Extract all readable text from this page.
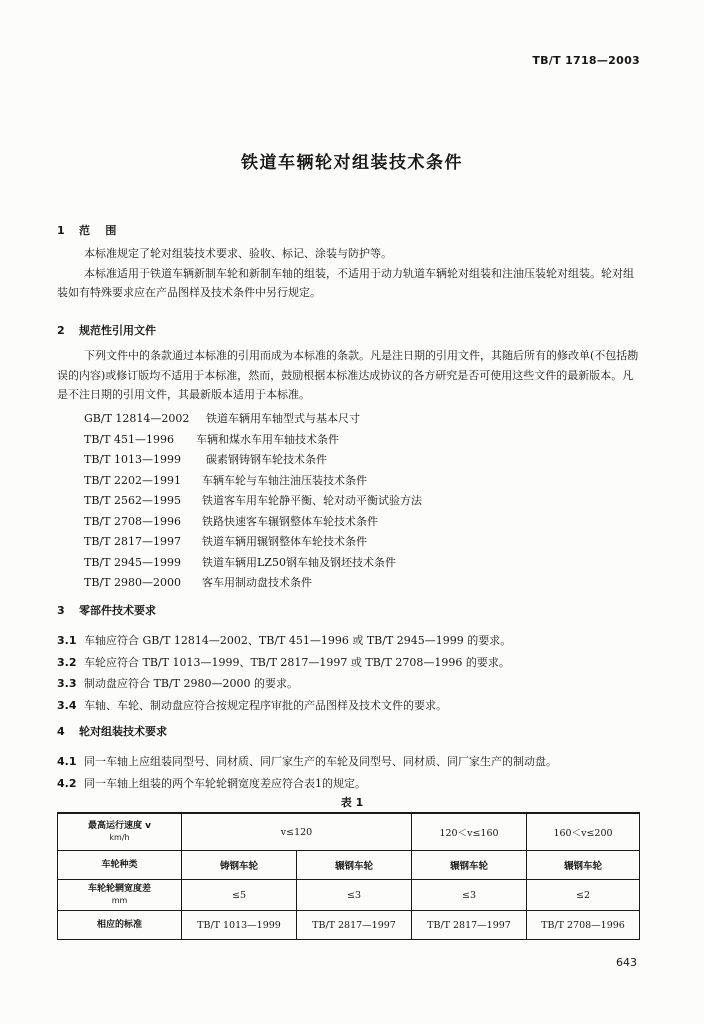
TB/T 1718—2003
铁道车辆轮对组装技术条件
1 范    围
本标准规定了轮对组装技术要求、验收、标记、涂装与防护等。
本标准适用于铁道车辆新制车轮和新制车轴的组装，不适用于动力轨道车辆轮对组装和注油压装轮对组装。轮对组装如有特殊要求应在产品图样及技术条件中另行规定。
2 规范性引用文件
下列文件中的条款通过本标准的引用而成为本标准的条款。凡是注日期的引用文件，其随后所有的修改单(不包括勘误的内容)或修订版均不适用于本标准，然而，鼓励根据本标准达成协议的各方研究是否可使用这些文件的最新版本。凡是不注日期的引用文件，其最新版本适用于本标准。
GB/T 12814—2002 铁道车辆用车轴型式与基本尺寸
TB/T 451—1996 车辆和煤水车用车轴技术条件
TB/T 1013—1999 碳素钢铸钢车轮技术条件
TB/T 2202—1991 车辆车轮与车轴注油压装技术条件
TB/T 2562—1995 铁道客车用车轮静平衡、轮对动平衡试验方法
TB/T 2708—1996 铁路快速客车辗钢整体车轮技术条件
TB/T 2817—1997 铁道车辆用辗钢整体车轮技术条件
TB/T 2945—1999 铁道车辆用LZ50钢车轴及钢坯技术条件
TB/T 2980—2000 客车用制动盘技术条件
3 零部件技术要求
3.1 车轴应符合 GB/T 12814—2002、TB/T 451—1996 或 TB/T 2945—1999 的要求。
3.2 车轮应符合 TB/T 1013—1999、TB/T 2817—1997 或 TB/T 2708—1996 的要求。
3.3 制动盘应符合 TB/T 2980—2000 的要求。
3.4 车轴、车轮、制动盘应符合按规定程序审批的产品图样及技术文件的要求。
4 轮对组装技术要求
4.1 同一车轴上应组装同型号、同材质、同厂家生产的车轮及同型号、同材质、同厂家生产的制动盘。
4.2 同一车轴上组装的两个车轮轮辋宽度差应符合表1的规定。
表 1
最高运行速度 v
km/h	v≤120		120＜v≤160	160＜v≤200
车轮种类	铸钢车轮	辗钢车轮	辗钢车轮	辗钢车轮

车轮轮辋宽度差
mm	≤5	≤3	≤3	≤2
相应的标准	TB/T 1013—1999	TB/T 2817—1997	TB/T 2817—1997	TB/T 2708—1996
643
